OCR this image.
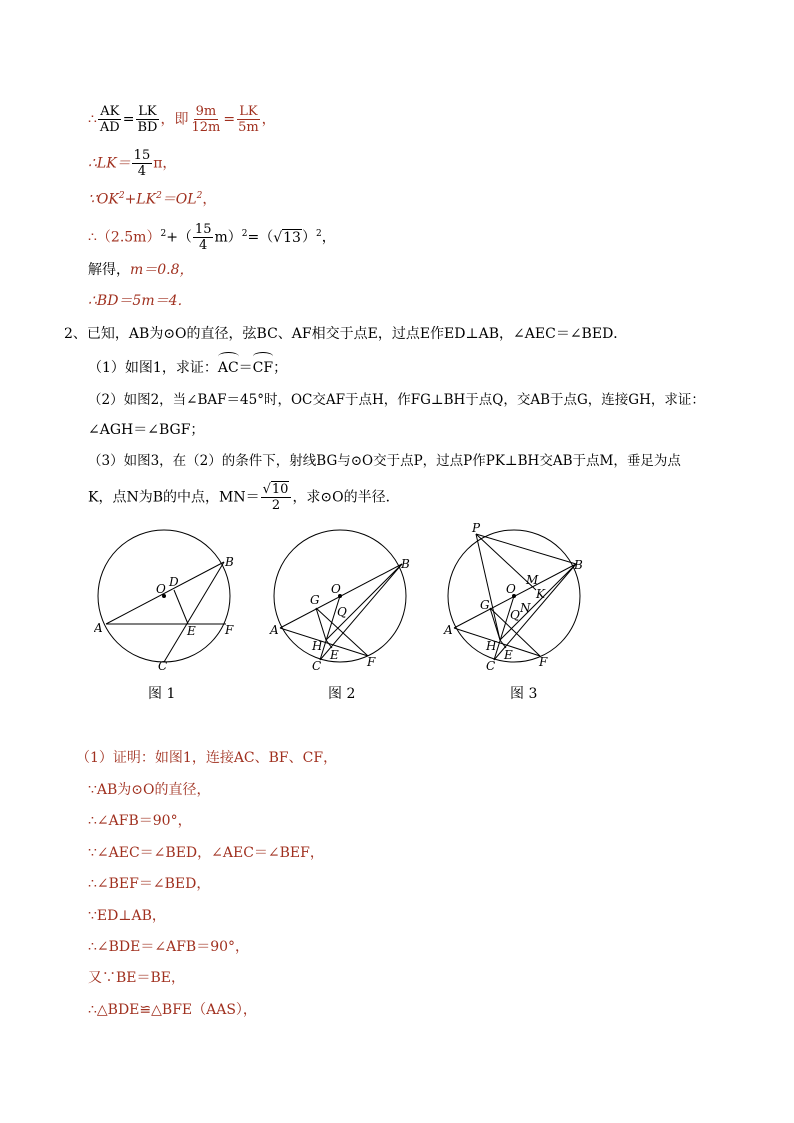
∴ $\frac{AK}{AD} = \frac{LK}{BD}$ ，即 $\frac{9m}{12m} = \frac{LK}{5m}$ ，
∴LK＝ $\frac{15}{4}$ π，
$\because OK^2+LK^2=OL^2$，
$\therefore(2.5m)^2+( \frac{15}{4} m)^2=(√13)^2$，
解得，m＝0.8，
∴BD＝5m＝4．
2、已知，AB为⊙O的直径，弦BC、AF相交于点E，过点E作ED⊥AB，∠AEC＝∠BED．
（1）如图1，求证：
AC＝
CF；
（2）如图2，当∠BAF＝45°时，OC交AF于点H，作FG⊥BH于点Q，交AB于点G，连接GH，求证：
∠AGH＝∠BGF；
（3）如图3，在（2）的条件下，射线BG与⊙O交于点P，过点P作PK⊥BH交AB于点M，垂足为点
K，点N为B的中点，$MN= \frac{√10}{2}$ ，求⊙O的半径．
O D
B
A	E F
C
图 1
O
G
Q
A
H
E
C	F
B
图 2
P
B
M
O K
G
Q N
A
H
E
C	F
图 3
（1）证明：如图1，连接AC、BF、CF，
∵AB为⊙O的直径，
∴∠AFB＝90°，
∵∠AEC＝∠BED，∠AEC＝∠BEF，
∴∠BEF＝∠BED，
∵ED⊥AB，
∴∠BDE＝∠AFB＝90°，
又∵BE＝BE，
∴△BDE≌△BFE（AAS），
